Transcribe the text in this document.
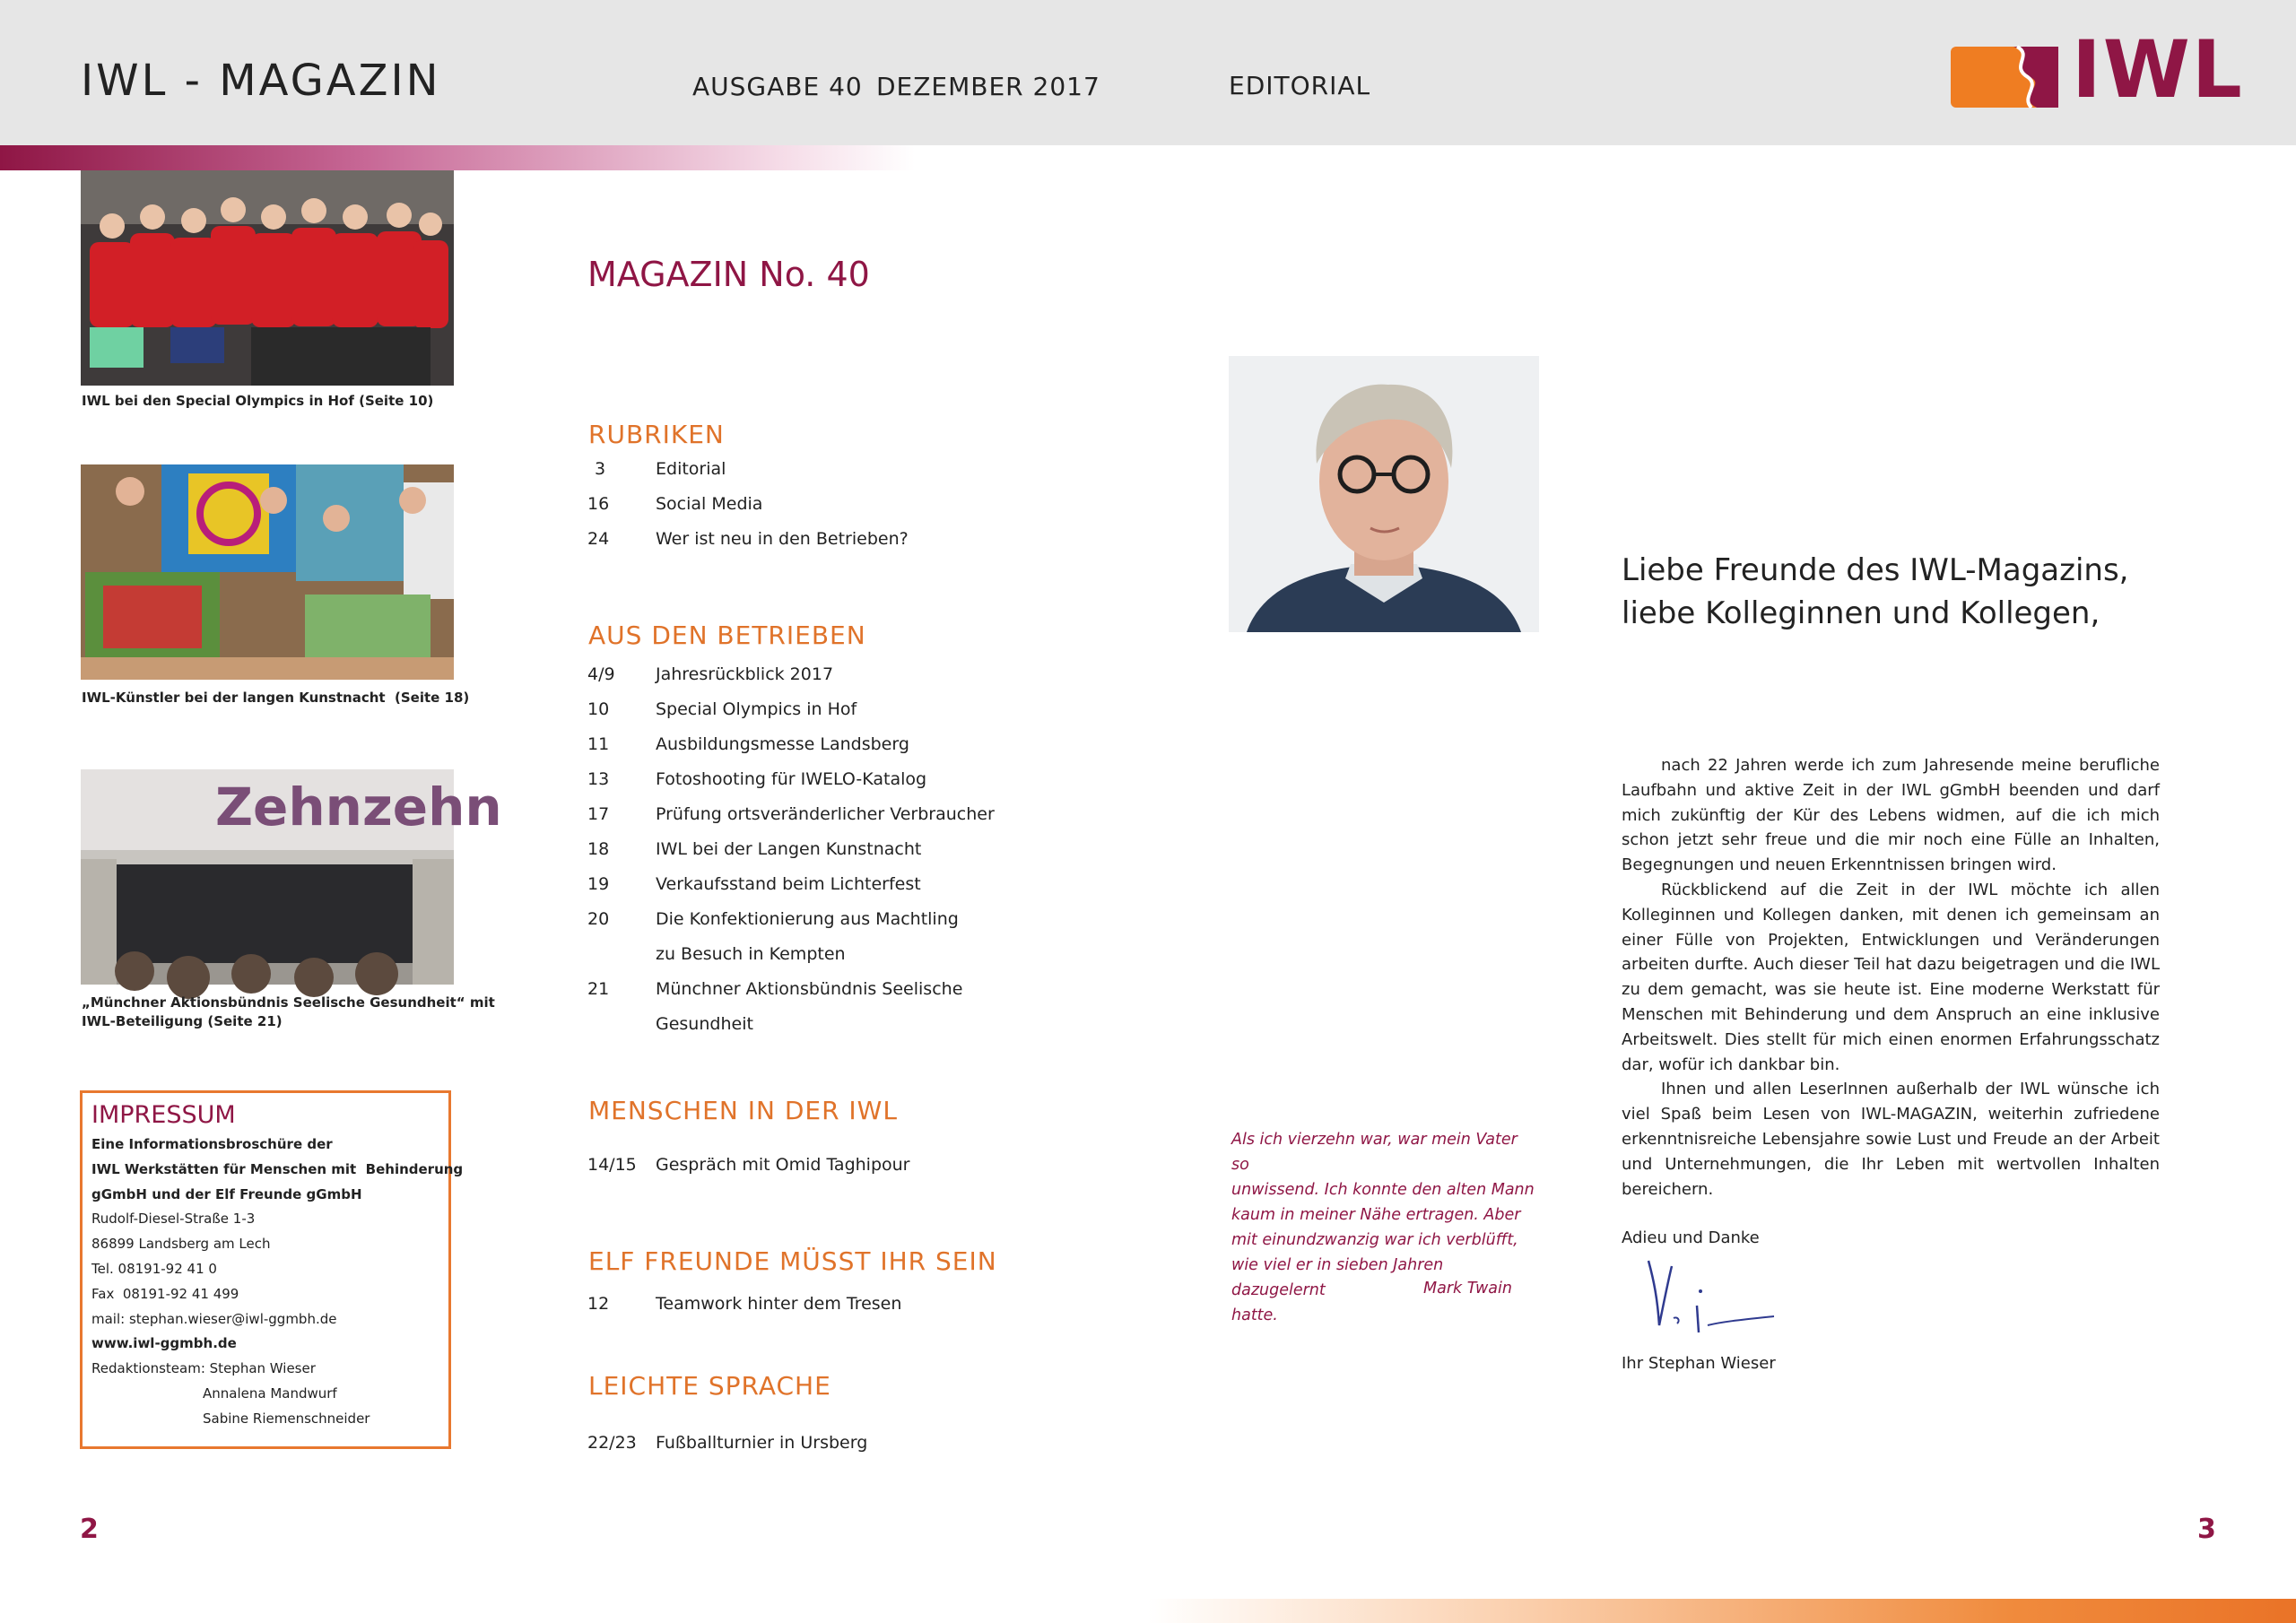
IWL - MAGAZIN	AUSGABE 40 DEZEMBER 2017	EDITORIAL	IWL
IWL bei den Special Olympics in Hof (Seite 10)
IWL-Künstler bei der langen Kunstnacht  (Seite 18)
Zehnzehn
„Münchner Aktionsbündnis Seelische Gesundheit“ mit
IWL-Beteiligung (Seite 21)
IMPRESSUM
Eine Informationsbroschüre der
IWL Werkstätten für Menschen mit  Behinderung
gGmbH und der Elf Freunde gGmbH
Rudolf-Diesel-Straße 1-3
86899 Landsberg am Lech
Tel. 08191-92 41 0
Fax  08191-92 41 499
mail: stephan.wieser@iwl-ggmbh.de
www.iwl-ggmbh.de
Redaktionsteam: Stephan Wieser
Annalena Mandwurf
Sabine Riemenschneider
MAGAZIN No. 40
RUBRIKEN
3	Editorial
16	Social Media
24	Wer ist neu in den Betrieben?
AUS DEN BETRIEBEN
4/9 Jahresrückblick 2017
10	Special Olympics in Hof
11	Ausbildungsmesse Landsberg
13	Fotoshooting für IWELO-Katalog
17	Prüfung ortsveränderlicher Verbraucher
18	IWL bei der Langen Kunstnacht
19	Verkaufsstand beim Lichterfest
20	Die Konfektionierung aus Machtling
zu Besuch in Kempten
21	Münchner Aktionsbündnis Seelische
Gesundheit
MENSCHEN IN DER IWL
14/15 Gespräch mit Omid Taghipour
ELF FREUNDE MÜSST IHR SEIN
12	Teamwork hinter dem Tresen
LEICHTE SPRACHE
22/23 Fußballturnier in Ursberg
Liebe Freunde des IWL-Magazins,
liebe Kolleginnen und Kollegen,

nach 22 Jahren werde ich zum Jahresende meine berufliche Laufbahn und aktive Zeit in der IWL gGmbH beenden und darf mich zukünftig der Kür des Lebens widmen, auf die ich mich schon jetzt sehr freue und die mir noch eine Fülle an Inhalten, Begegnungen und neuen Erkenntnissen bringen wird.

Rückblickend auf die Zeit in der IWL möchte ich allen Kolleginnen und Kollegen danken, mit denen ich gemeinsam an einer Fülle von Projekten, Entwicklungen und Veränderungen arbeiten durfte. Auch dieser Teil hat dazu beigetragen und die IWL zu dem gemacht, was sie heute ist. Eine moderne Werkstatt für Menschen mit Behinderung und dem Anspruch an eine inklusive Arbeitswelt. Dies stellt für mich einen enormen Erfahrungsschatz dar, wofür ich dankbar bin.

Ihnen und allen LeserInnen außerhalb der IWL wünsche ich viel Spaß beim Lesen von IWL-MAGAZIN, weiterhin zufriedene erkenntnisreiche Lebensjahre sowie Lust und Freude an der Arbeit und Unternehmungen, die Ihr Leben mit wertvollen Inhalten bereichern.

Adieu und Danke
Ihr Stephan Wieser
Als ich vierzehn war, war mein Vater so
unwissend. Ich konnte den alten Mann
kaum in meiner Nähe ertragen. Aber
mit einundzwanzig war ich verblüfft,
wie viel er in sieben Jahren dazugelernt
hatte.
Mark Twain
2	3
